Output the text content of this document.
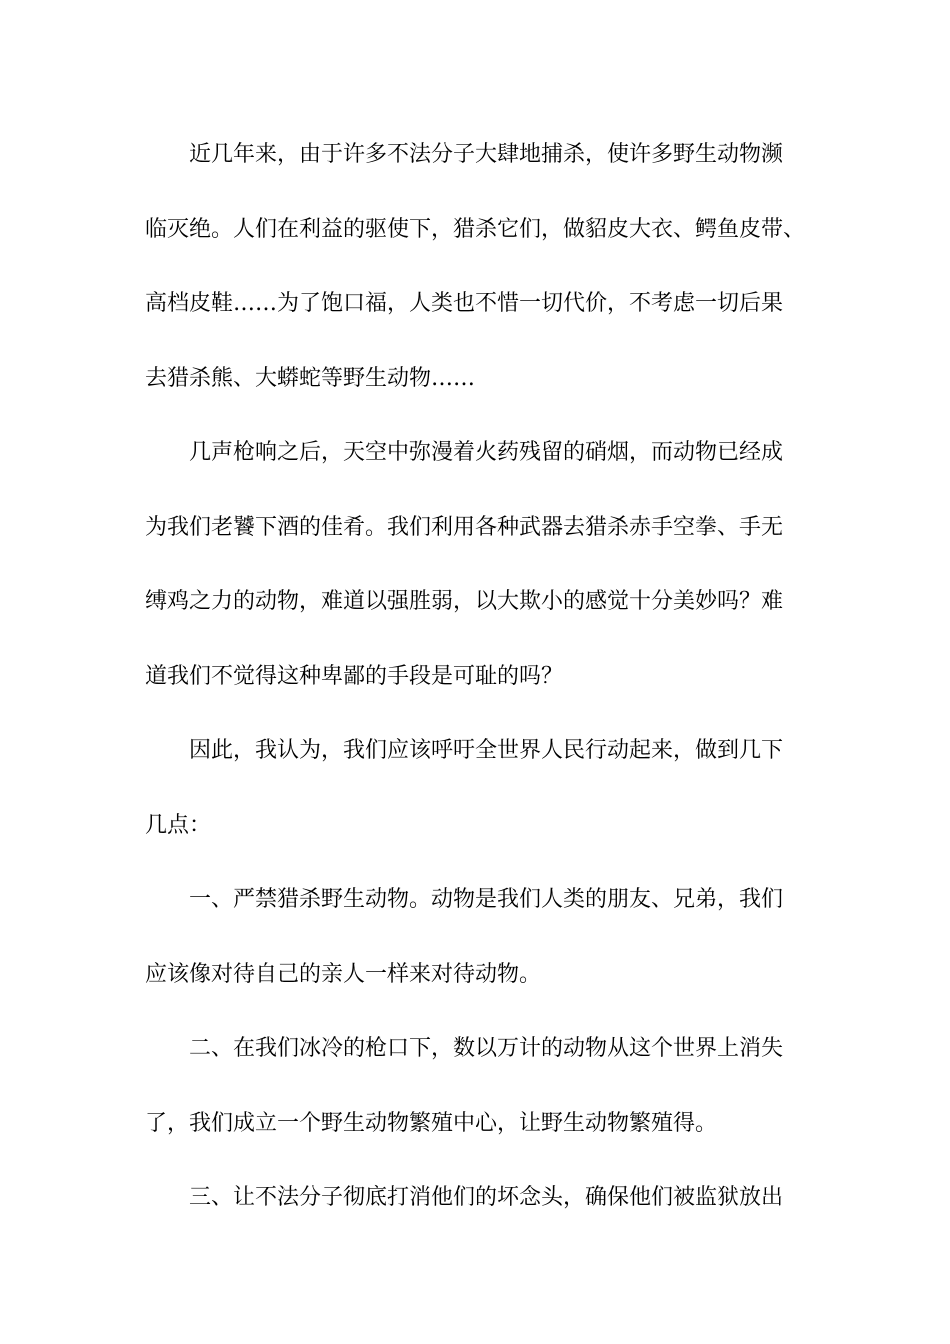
近几年来，由于许多不法分子大肆地捕杀，使许多野生动物濒
临灭绝。人们在利益的驱使下，猎杀它们，做貂皮大衣、鳄鱼皮带、
高档皮鞋……为了饱口福，人类也不惜一切代价，不考虑一切后果
去猎杀熊、大蟒蛇等野生动物……
几声枪响之后，天空中弥漫着火药残留的硝烟，而动物已经成
为我们老饕下酒的佳肴。我们利用各种武器去猎杀赤手空拳、手无
缚鸡之力的动物，难道以强胜弱，以大欺小的感觉十分美妙吗？难
道我们不觉得这种卑鄙的手段是可耻的吗？
因此，我认为，我们应该呼吁全世界人民行动起来，做到几下
几点：
一、严禁猎杀野生动物。动物是我们人类的朋友、兄弟，我们
应该像对待自己的亲人一样来对待动物。
二、在我们冰冷的枪口下，数以万计的动物从这个世界上消失
了，我们成立一个野生动物繁殖中心，让野生动物繁殖得。
三、让不法分子彻底打消他们的坏念头，确保他们被监狱放出
